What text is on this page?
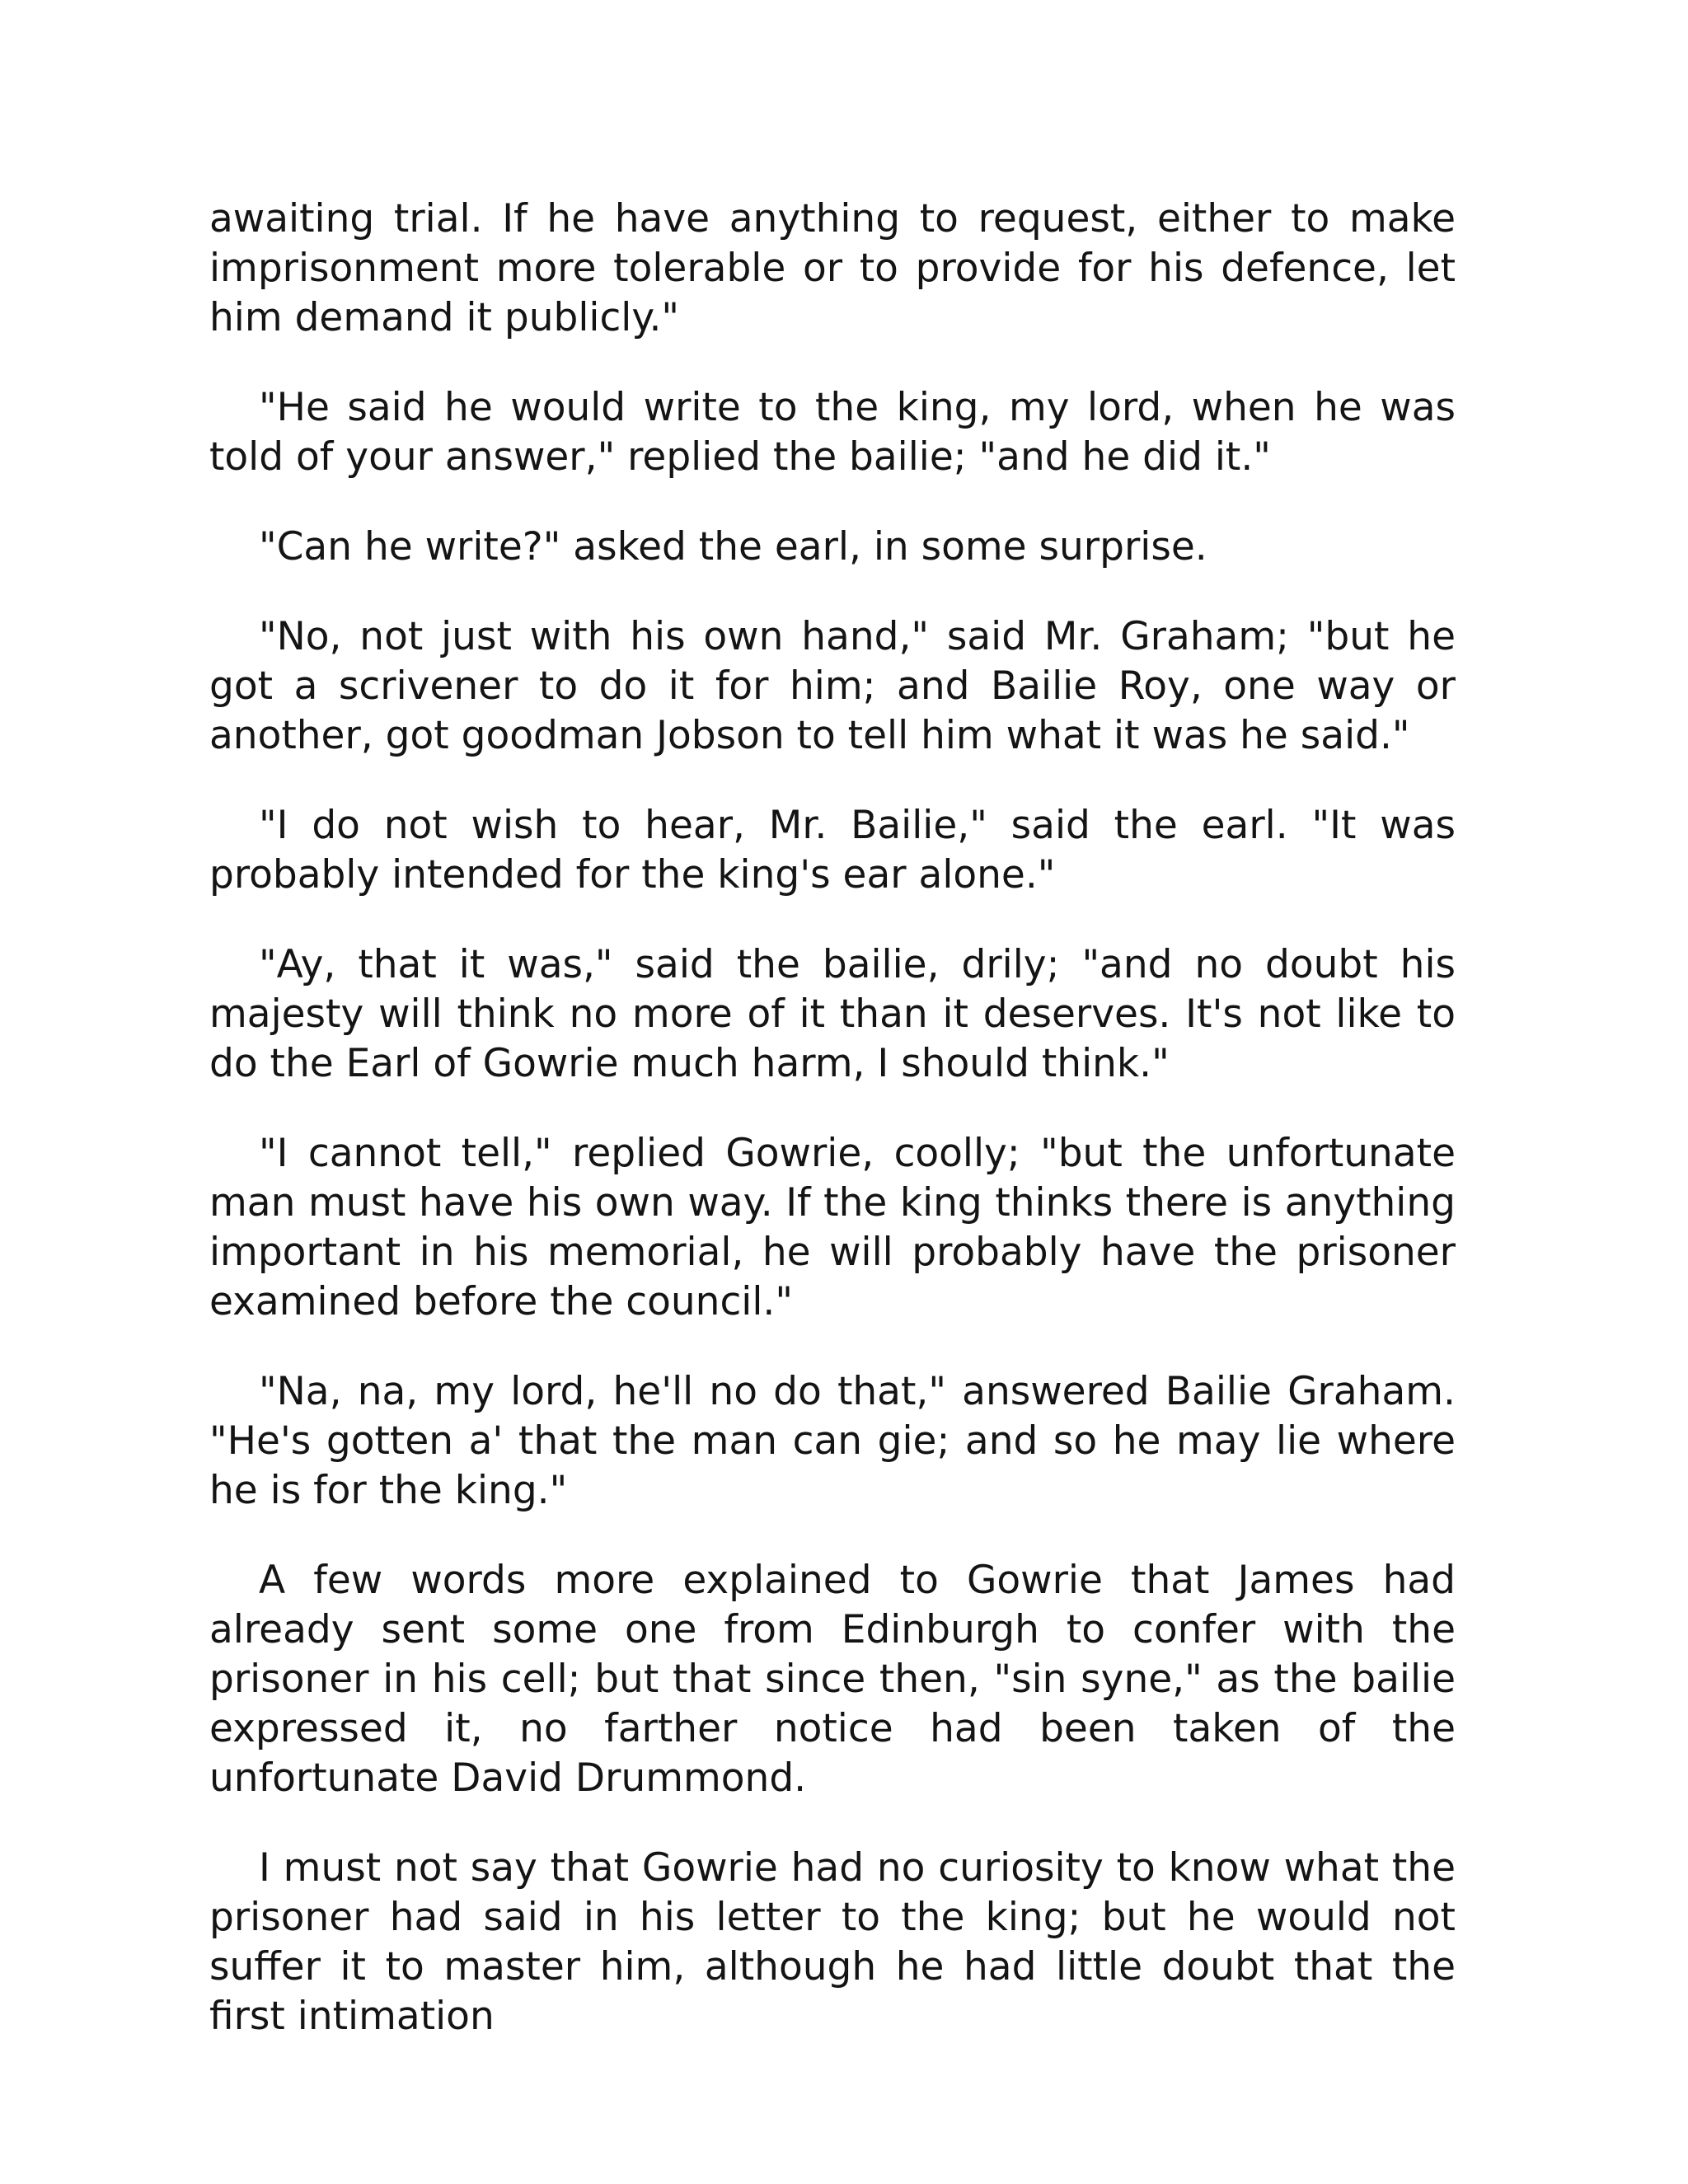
awaiting trial. If he have anything to request, either to make imprisonment more tolerable or to provide for his defence, let him demand it publicly."

"He said he would write to the king, my lord, when he was told of your answer," replied the bailie; "and he did it."

"Can he write?" asked the earl, in some surprise.

"No, not just with his own hand," said Mr. Graham; "but he got a scrivener to do it for him; and Bailie Roy, one way or another, got goodman Jobson to tell him what it was he said."

"I do not wish to hear, Mr. Bailie," said the earl. "It was probably intended for the king's ear alone."

"Ay, that it was," said the bailie, drily; "and no doubt his majesty will think no more of it than it deserves. It's not like to do the Earl of Gowrie much harm, I should think."

"I cannot tell," replied Gowrie, coolly; "but the unfortunate man must have his own way. If the king thinks there is anything important in his memorial, he will probably have the prisoner examined before the council."

"Na, na, my lord, he'll no do that," answered Bailie Graham. "He's gotten a' that the man can gie; and so he may lie where he is for the king."

A few words more explained to Gowrie that James had already sent some one from Edinburgh to confer with the prisoner in his cell; but that since then, "sin syne," as the bailie expressed it, no farther notice had been taken of the unfortunate David Drummond.

I must not say that Gowrie had no curiosity to know what the prisoner had said in his letter to the king; but he would not suffer it to master him, although he had little doubt that the first intimation
